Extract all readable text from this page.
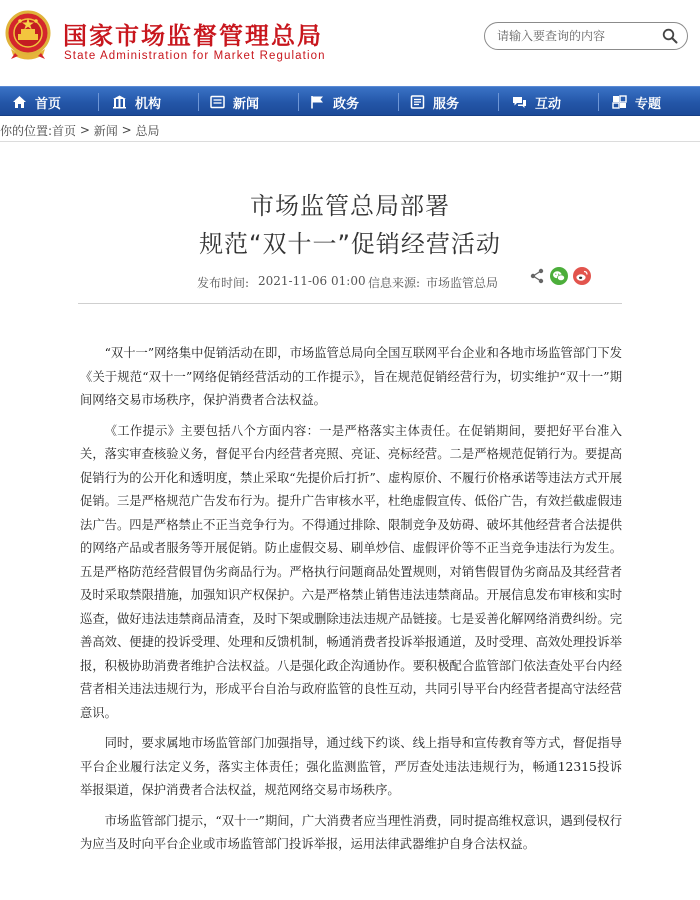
国家市场监督管理总局
State Administration for Market Regulation
请输入要查询的内容
首页	机构	新闻	政务	服务	互动	专题
你的位置: 首页 > 新闻 > 总局
市场监管总局部署
规范“双十一”促销经营活动
发布时间: 2021-11-06 01:00 信息来源: 市场监管总局

“双十一”网络集中促销活动在即，市场监管总局向全国互联网平台企业和各地市场监管部门下发《关于规范“双十一”网络促销经营活动的工作提示》，旨在规范促销经营行为，切实维护“双十一”期间网络交易市场秩序，保护消费者合法权益。

《工作提示》主要包括八个方面内容：一是严格落实主体责任。在促销期间，要把好平台准入关，落实审查核验义务，督促平台内经营者亮照、亮证、亮标经营。二是严格规范促销行为。要提高促销行为的公开化和透明度，禁止采取“先提价后打折”、虚构原价、不履行价格承诺等违法方式开展促销。三是严格规范广告发布行为。提升广告审核水平，杜绝虚假宣传、低俗广告，有效拦截虚假违法广告。四是严格禁止不正当竞争行为。不得通过排除、限制竞争及妨碍、破坏其他经营者合法提供的网络产品或者服务等开展促销。防止虚假交易、刷单炒信、虚假评价等不正当竞争违法行为发生。五是严格防范经营假冒伪劣商品行为。严格执行问题商品处置规则，对销售假冒伪劣商品及其经营者及时采取禁限措施，加强知识产权保护。六是严格禁止销售违法违禁商品。开展信息发布审核和实时巡查，做好违法违禁商品清查，及时下架或删除违法违规产品链接。七是妥善化解网络消费纠纷。完善高效、便捷的投诉受理、处理和反馈机制，畅通消费者投诉举报通道，及时受理、高效处理投诉举报，积极协助消费者维护合法权益。八是强化政企沟通协作。要积极配合监管部门依法查处平台内经营者相关违法违规行为，形成平台自治与政府监管的良性互动，共同引导平台内经营者提高守法经营意识。

同时，要求属地市场监管部门加强指导，通过线下约谈、线上指导和宣传教育等方式，督促指导平台企业履行法定义务，落实主体责任；强化监测监管，严厉查处违法违规行为，畅通12315投诉举报渠道，保护消费者合法权益，规范网络交易市场秩序。

市场监管部门提示，“双十一”期间，广大消费者应当理性消费，同时提高维权意识，遇到侵权行为应当及时向平台企业或市场监管部门投诉举报，运用法律武器维护自身合法权益。
